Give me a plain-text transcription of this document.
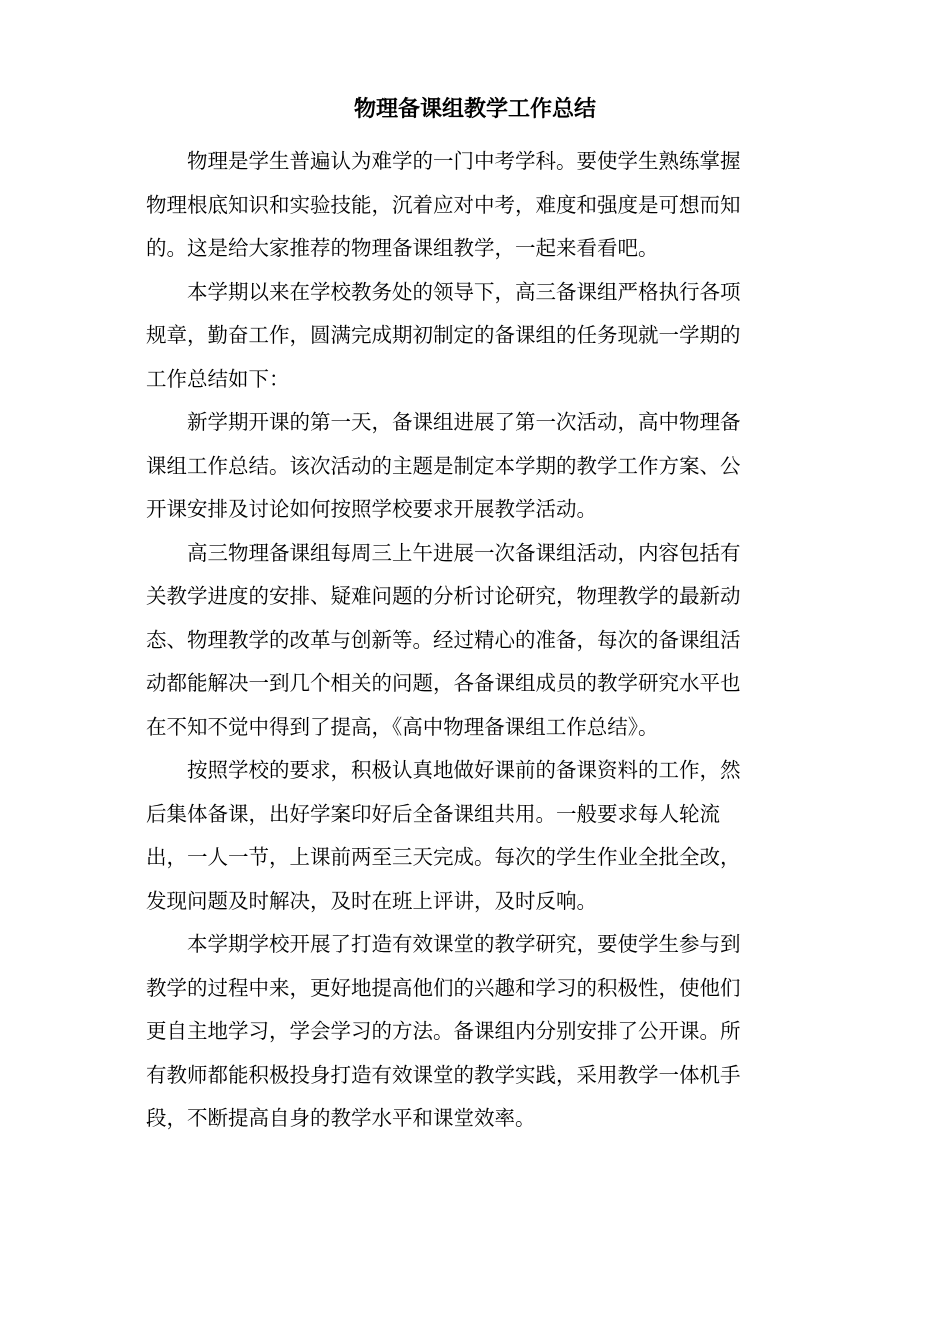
物理备课组教学工作总结
物理是学生普遍认为难学的一门中考学科。要使学生熟练掌握
物理根底知识和实验技能，沉着应对中考，难度和强度是可想而知
的。这是给大家推荐的物理备课组教学，一起来看看吧。
本学期以来在学校教务处的领导下，高三备课组严格执行各项
规章，勤奋工作，圆满完成期初制定的备课组的任务现就一学期的
工作总结如下：
新学期开课的第一天，备课组进展了第一次活动，高中物理备
课组工作总结。该次活动的主题是制定本学期的教学工作方案、公
开课安排及讨论如何按照学校要求开展教学活动。
高三物理备课组每周三上午进展一次备课组活动，内容包括有
关教学进度的安排、疑难问题的分析讨论研究，物理教学的最新动
态、物理教学的改革与创新等。经过精心的准备，每次的备课组活
动都能解决一到几个相关的问题，各备课组成员的教学研究水平也
在不知不觉中得到了提高，《高中物理备课组工作总结》。
按照学校的要求，积极认真地做好课前的备课资料的工作，然
后集体备课，出好学案印好后全备课组共用。一般要求每人轮流
出，一人一节，上课前两至三天完成。每次的学生作业全批全改，
发现问题及时解决，及时在班上评讲，及时反响。
本学期学校开展了打造有效课堂的教学研究，要使学生参与到
教学的过程中来，更好地提高他们的兴趣和学习的积极性，使他们
更自主地学习，学会学习的方法。备课组内分别安排了公开课。所
有教师都能积极投身打造有效课堂的教学实践，采用教学一体机手
段，不断提高自身的教学水平和课堂效率。
